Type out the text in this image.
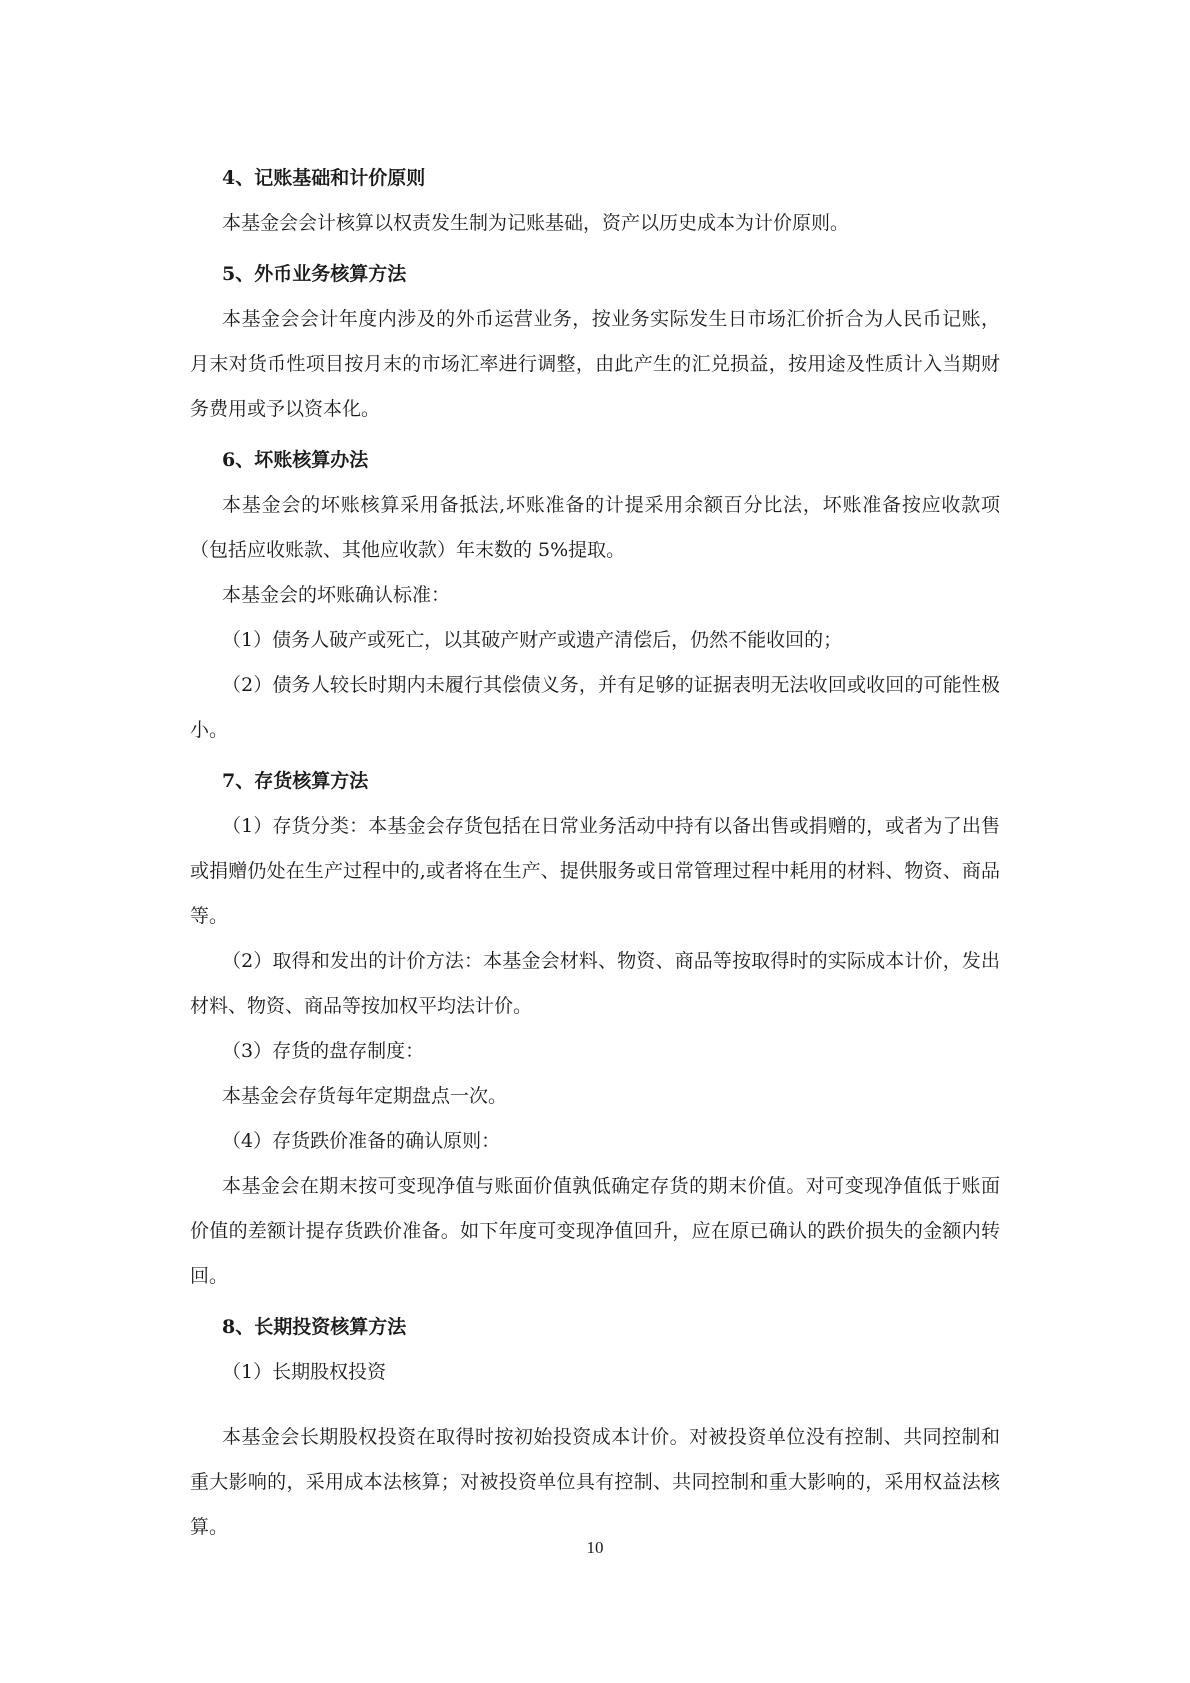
4、记账基础和计价原则
本基金会会计核算以权责发生制为记账基础，资产以历史成本为计价原则。
5、外币业务核算方法
本基金会会计年度内涉及的外币运营业务，按业务实际发生日市场汇价折合为人民币记账，月末对货币性项目按月末的市场汇率进行调整，由此产生的汇兑损益，按用途及性质计入当期财务费用或予以资本化。
6、坏账核算办法
本基金会的坏账核算采用备抵法,坏账准备的计提采用余额百分比法，坏账准备按应收款项（包括应收账款、其他应收款）年末数的 5%提取。
本基金会的坏账确认标准：
（1）债务人破产或死亡，以其破产财产或遗产清偿后，仍然不能收回的；
（2）债务人较长时期内未履行其偿债义务，并有足够的证据表明无法收回或收回的可能性极小。
7、存货核算方法
（1）存货分类：本基金会存货包括在日常业务活动中持有以备出售或捐赠的，或者为了出售或捐赠仍处在生产过程中的,或者将在生产、提供服务或日常管理过程中耗用的材料、物资、商品等。
（2）取得和发出的计价方法：本基金会材料、物资、商品等按取得时的实际成本计价，发出材料、物资、商品等按加权平均法计价。
（3）存货的盘存制度：
本基金会存货每年定期盘点一次。
（4）存货跌价准备的确认原则：
本基金会在期末按可变现净值与账面价值孰低确定存货的期末价值。对可变现净值低于账面价值的差额计提存货跌价准备。如下年度可变现净值回升，应在原已确认的跌价损失的金额内转回。
8、长期投资核算方法
（1）长期股权投资
本基金会长期股权投资在取得时按初始投资成本计价。对被投资单位没有控制、共同控制和重大影响的，采用成本法核算；对被投资单位具有控制、共同控制和重大影响的，采用权益法核算。
10
